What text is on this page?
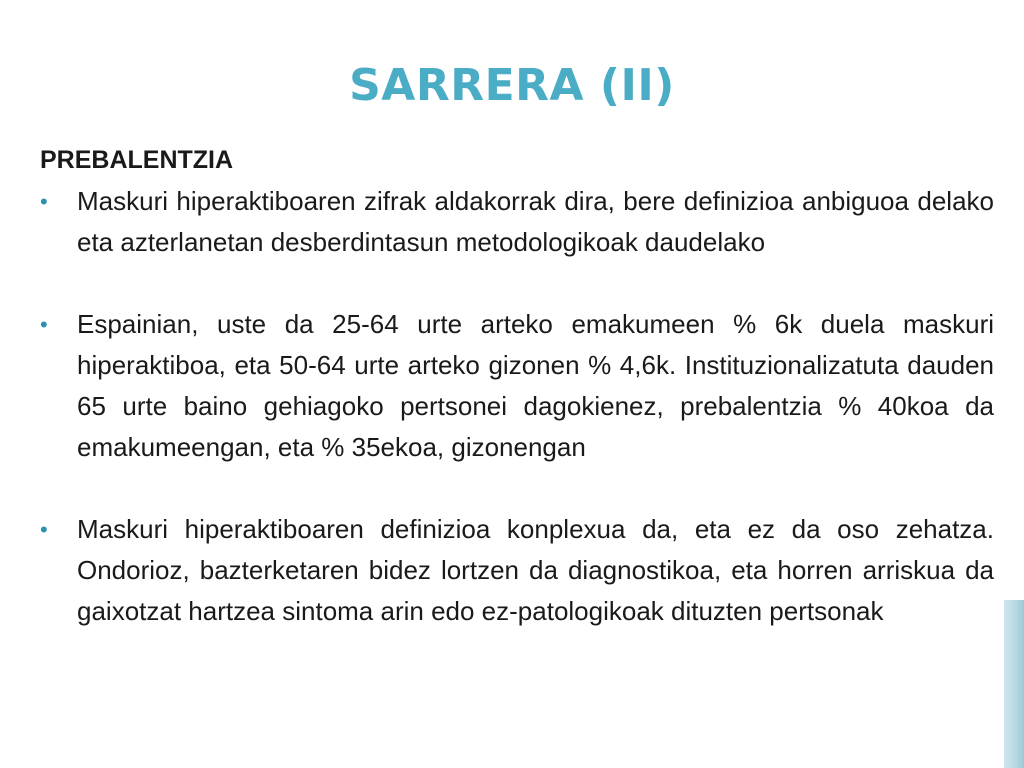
SARRERA (II)

PREBALENTZIA

•	Maskuri hiperaktiboaren zifrak aldakorrak dira, bere definizioa anbiguoa delako eta azterlanetan desberdintasun metodologikoak daudelako

•	Espainian, uste da 25-64 urte arteko emakumeen % 6k duela maskuri hiperaktiboa, eta 50-64 urte arteko gizonen % 4,6k. Instituzionalizatuta dauden 65 urte baino gehiagoko pertsonei dagokienez, prebalentzia % 40koa da emakumeengan, eta % 35ekoa, gizonengan

•	Maskuri hiperaktiboaren definizioa konplexua da, eta ez da oso zehatza. Ondorioz, bazterketaren bidez lortzen da diagnostikoa, eta horren arriskua da gaixotzat hartzea sintoma arin edo ez-patologikoak dituzten pertsonak
